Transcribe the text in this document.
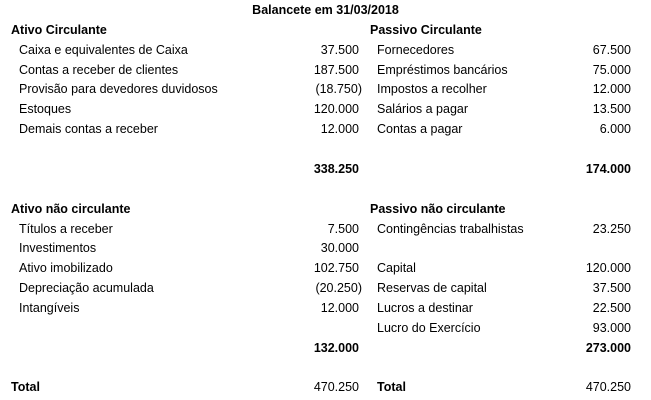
Balancete em 31/03/2018
Ativo Circulante
Caixa e equivalentes de Caixa	37.500
Contas a receber de clientes	187.500
Provisão para devedores duvidosos	(18.750)
Estoques	120.000
Demais contas a receber	12.000
338.250
Passivo Circulante
Fornecedores	67.500
Empréstimos bancários	75.000
Impostos a recolher	12.000
Salários a pagar	13.500
Contas a pagar	6.000
174.000
Ativo não circulante
Títulos a receber	7.500
Investimentos	30.000
Ativo imobilizado	102.750
Depreciação acumulada	(20.250)
Intangíveis	12.000
132.000
Passivo não circulante
Contingências trabalhistas	23.250
Capital	120.000
Reservas de capital	37.500
Lucros a destinar	22.500
Lucro do Exercício	93.000
273.000
Total	470.250 Total	470.250
